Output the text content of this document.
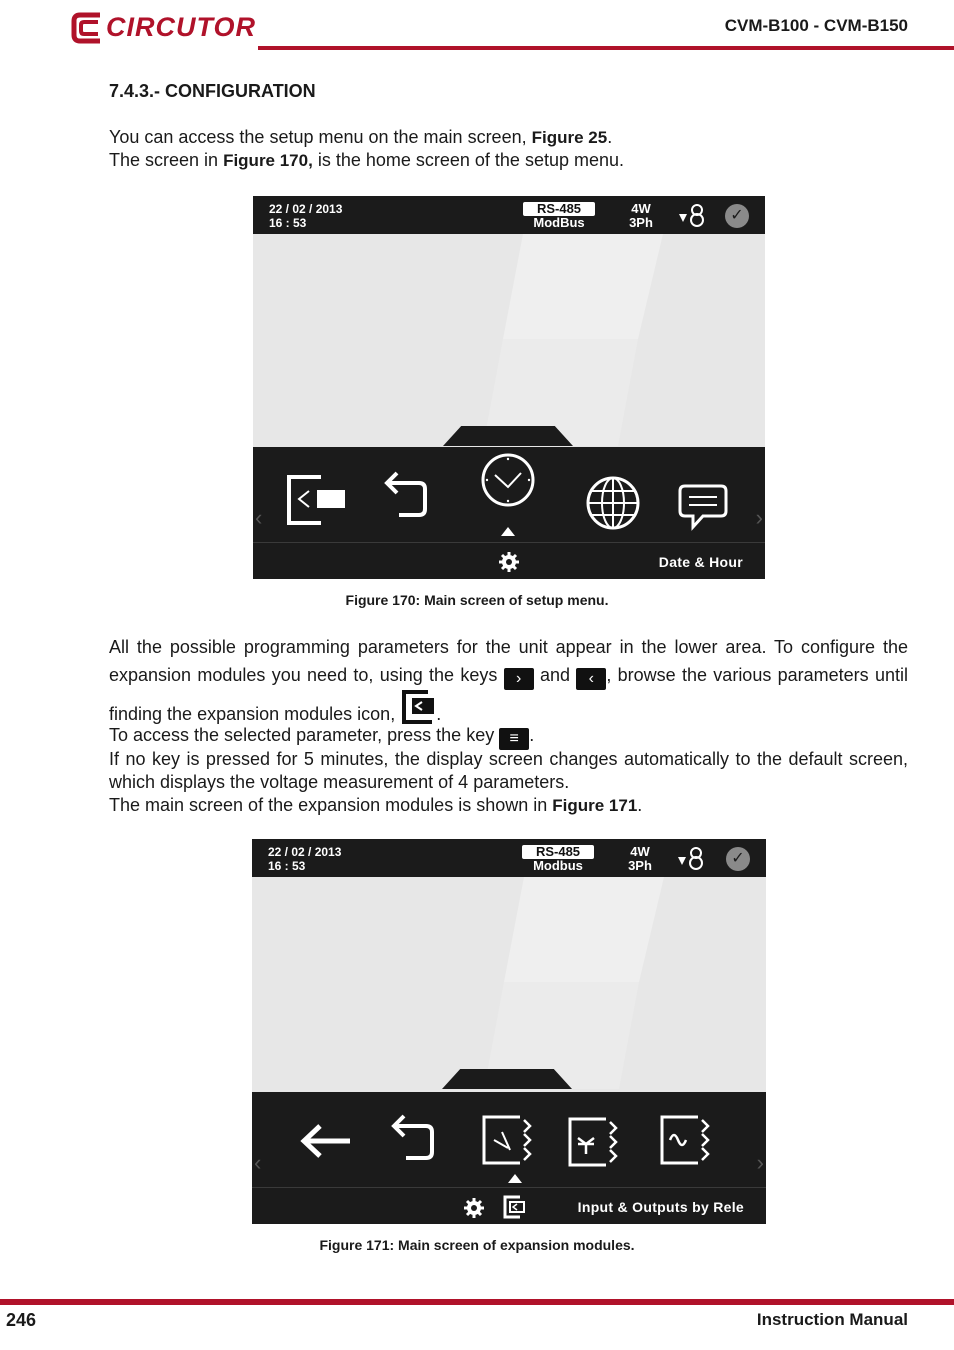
CIRCUTOR	CVM-B100 - CVM-B150
7.4.3.- CONFIGURATION
You can access the setup menu on the main screen, Figure 25.
The screen in Figure 170, is the home screen of the setup menu.
22 / 02 / 2013
16 : 53
RS-485
ModBus
4W
3Ph	✓
‹	›
Date & Hour
Figure 170: Main screen of setup menu.
All the possible programming parameters for the unit appear in the lower area. To configure the expansion modules you need to, using the keys › and ‹ , browse the various parameters until finding the expansion modules icon, .
To access the selected parameter, press the key ≡ .
If no key is pressed for 5 minutes, the display screen changes automatically to the default screen, which displays the voltage measurement of 4 parameters.
The main screen of the expansion modules is shown in Figure 171.
22 / 02 / 2013
16 : 53
RS-485
Modbus
4W
3Ph	✓
‹	›
Input & Outputs by Rele
Figure 171: Main screen of expansion modules.
246	Instruction Manual
